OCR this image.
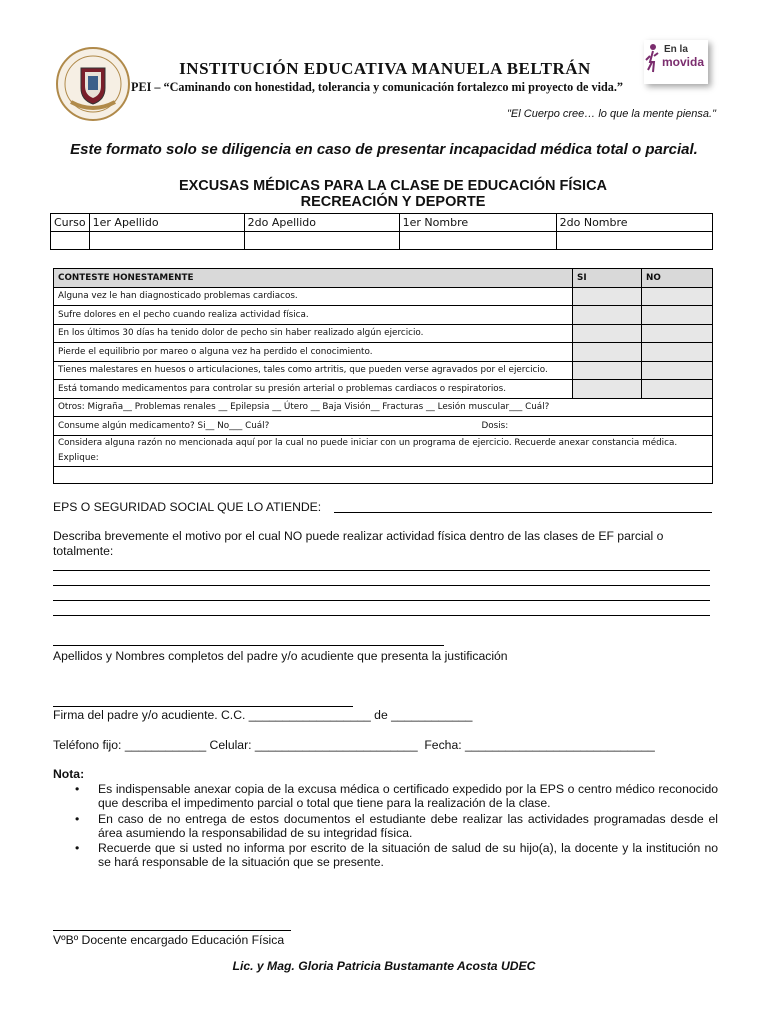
INSTITUCIÓN EDUCATIVA MANUELA BELTRÁN
PEI – “Caminando con honestidad, tolerancia y comunicación fortalezco mi proyecto de vida.”
En la
movida
"El Cuerpo cree… lo que la mente piensa."
Este formato solo se diligencia en caso de presentar incapacidad médica total o parcial.
EXCUSAS MÉDICAS PARA LA CLASE DE EDUCACIÓN FÍSICA
RECREACIÓN Y DEPORTE
Curso	1er Apellido	2do Apellido	1er Nombre	2do Nombre

CONTESTE HONESTAMENTE	SI	NO
Alguna vez le han diagnosticado problemas cardiacos.		
Sufre dolores en el pecho cuando realiza actividad física.		
En los últimos 30 días ha tenido dolor de pecho sin haber realizado algún ejercicio.		
Pierde el equilibrio por mareo o alguna vez ha perdido el conocimiento.		
Tienes malestares en huesos o articulaciones, tales como artritis, que pueden verse agravados por el ejercicio.		
Está tomando medicamentos para controlar su presión arterial o problemas cardiacos o respiratorios.		
Otros: Migraña__ Problemas renales __ Epilepsia __ Útero __ Baja Visión__ Fracturas __ Lesión muscular___ Cuál?		
Consume algún medicamento? Si__ No___ Cuál? Dosis:		

Considera alguna razón no mencionada aquí por la cual no puede iniciar con un programa de ejercicio. Recuerde anexar constancia médica.
Explique:		

EPS O SEGURIDAD SOCIAL QUE LO ATIENDE:
Describa brevemente el motivo por el cual NO puede realizar actividad física dentro de las clases de EF parcial o totalmente:
Apellidos y Nombres completos del padre y/o acudiente que presenta la justificación
Firma del padre y/o acudiente. C.C. __________________ de ____________
Teléfono fijo: ____________ Celular: ________________________  Fecha: ____________________________
Nota:
• Es indispensable anexar copia de la excusa médica o certificado expedido por la EPS o centro médico reconocido que describa el impedimento parcial o total que tiene para la realización de la clase.
• En caso de no entrega de estos documentos el estudiante debe realizar las actividades programadas desde el área asumiendo la responsabilidad de su integridad física.
• Recuerde que si usted no informa por escrito de la situación de salud de su hijo(a), la docente y la institución no se hará responsable de la situación que se presente.
VºBº Docente encargado Educación Física
Lic. y Mag. Gloria Patricia Bustamante Acosta UDEC
